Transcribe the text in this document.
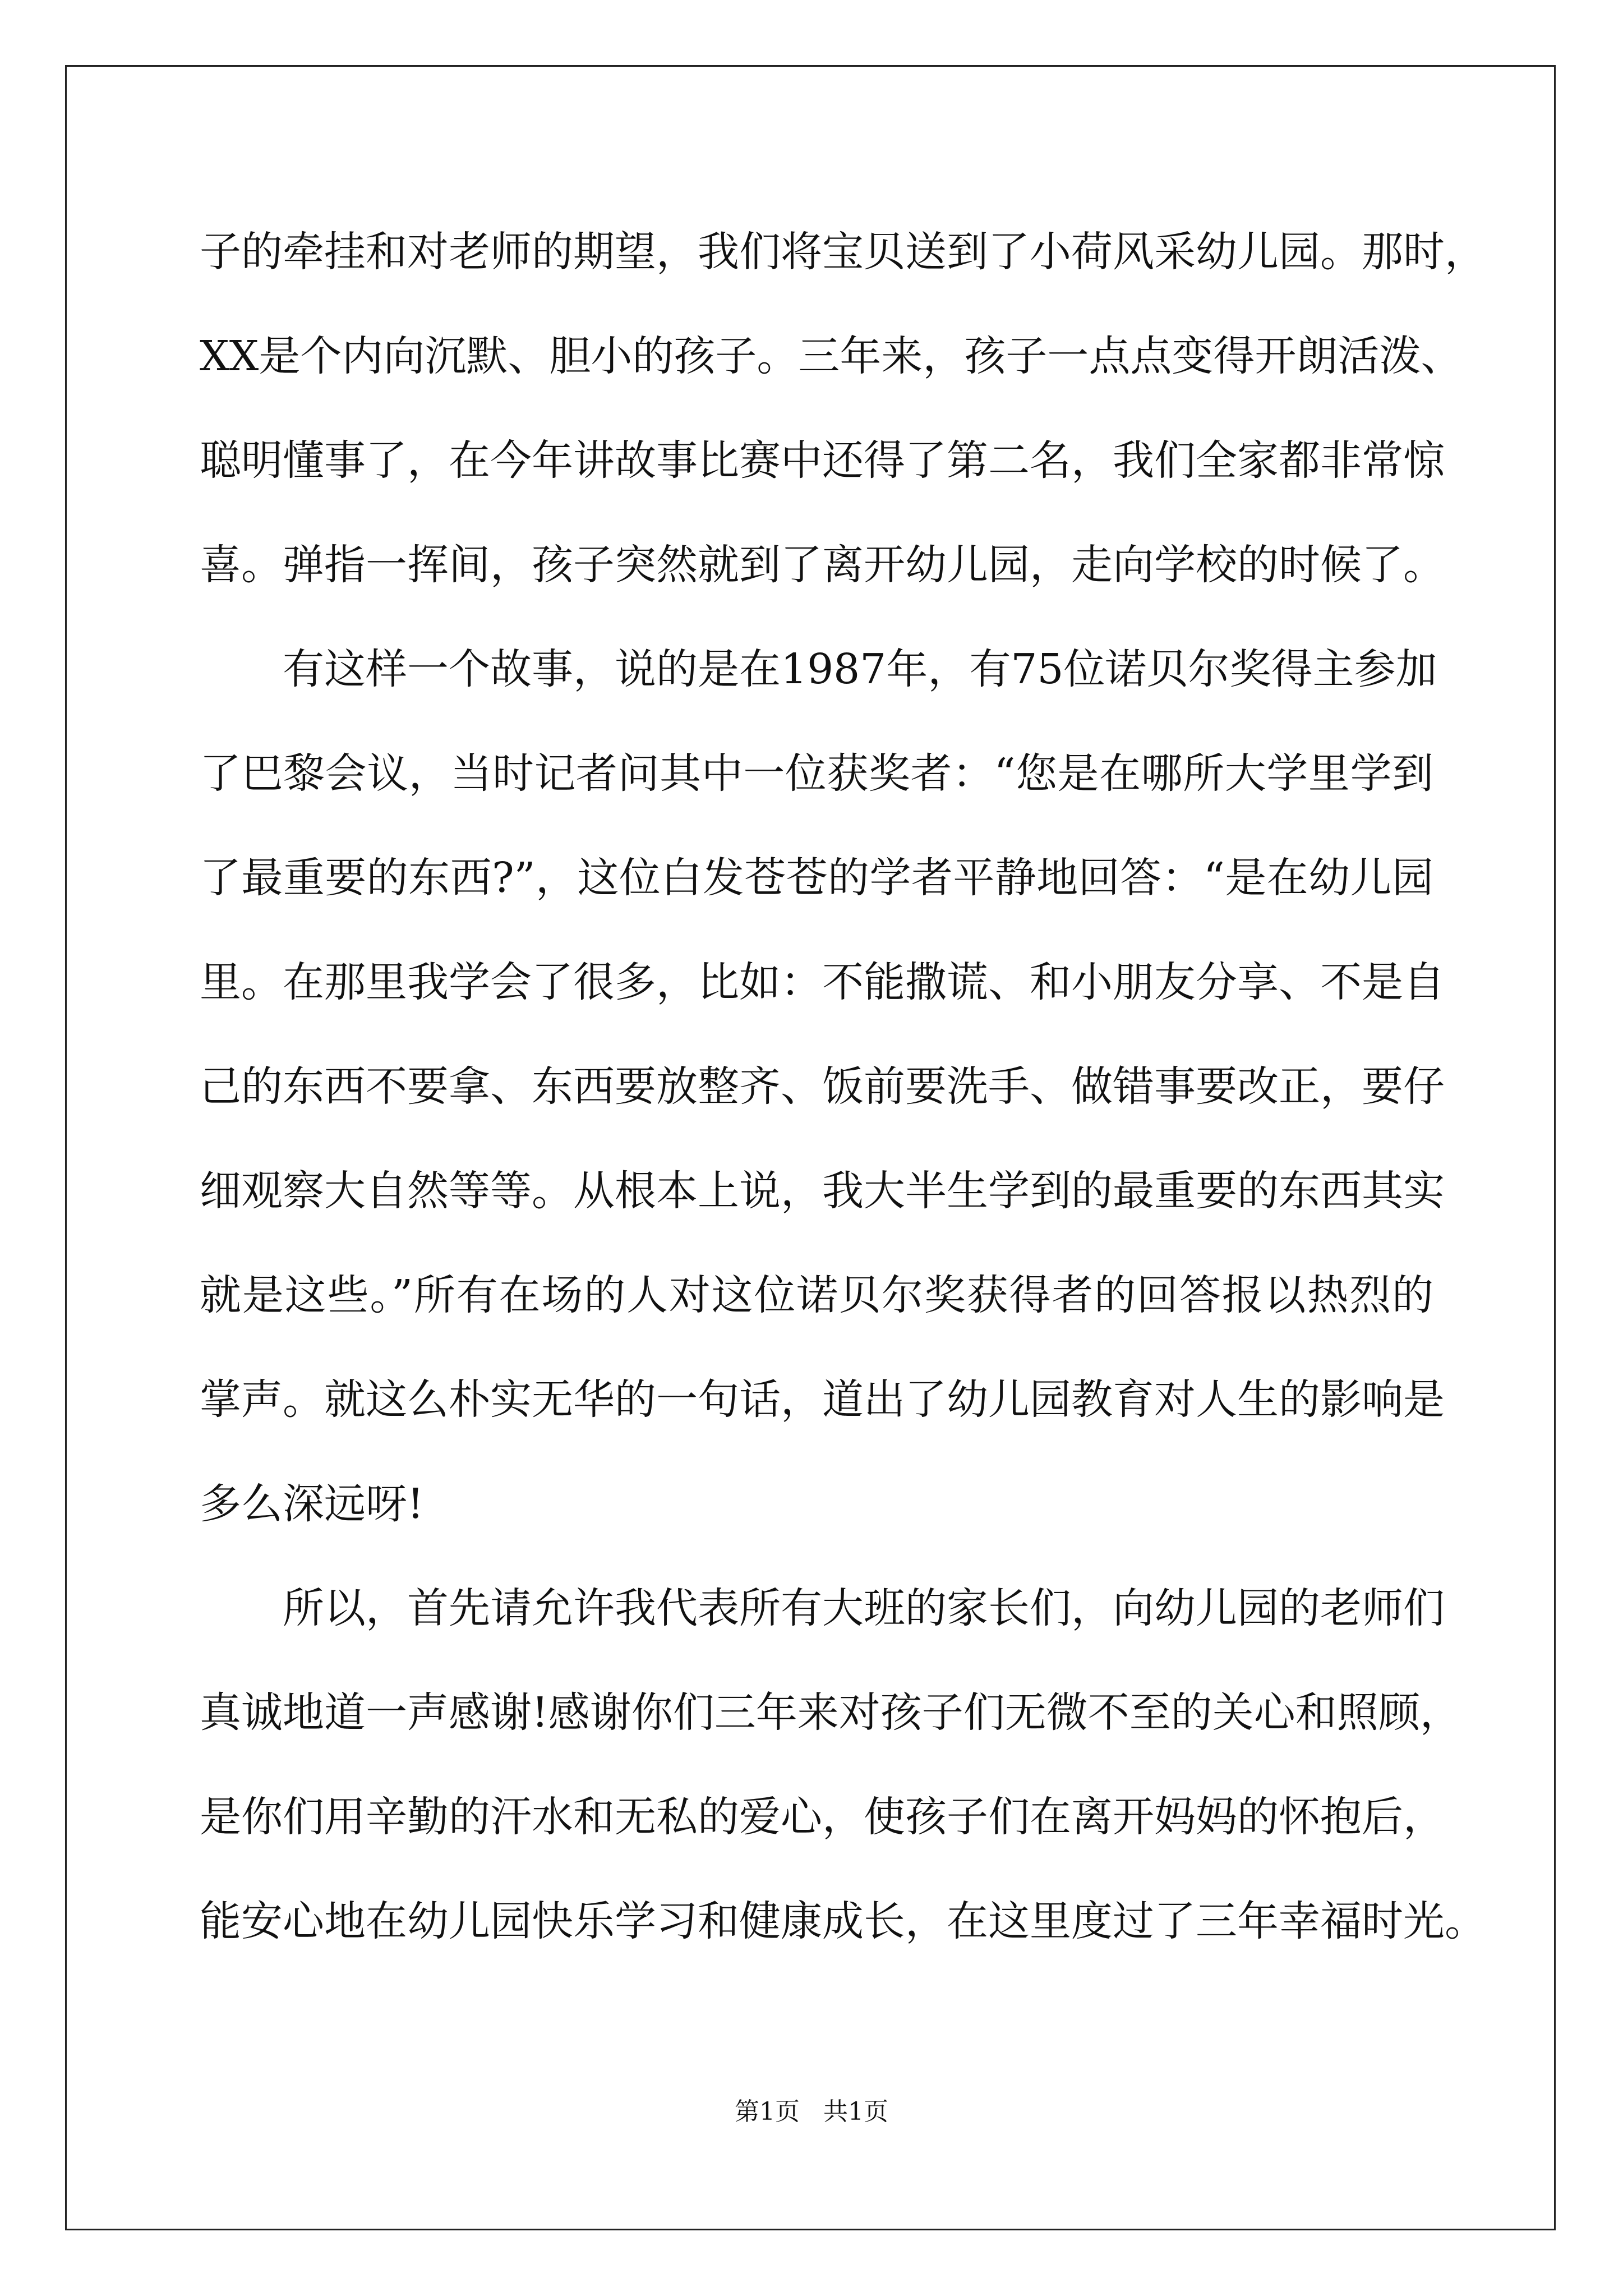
子的牵挂和对老师的期望，我们将宝贝送到了小荷风采幼儿园。那时，
XX是个内向沉默、胆小的孩子。三年来，孩子一点点变得开朗活泼、
聪明懂事了，在今年讲故事比赛中还得了第二名，我们全家都非常惊
喜。弹指一挥间，孩子突然就到了离开幼儿园，走向学校的时候了。
有这样一个故事，说的是在1987年，有75位诺贝尔奖得主参加
了巴黎会议，当时记者问其中一位获奖者：“您是在哪所大学里学到
了最重要的东西?”，这位白发苍苍的学者平静地回答：“是在幼儿园
里。在那里我学会了很多，比如：不能撒谎、和小朋友分享、不是自
己的东西不要拿、东西要放整齐、饭前要洗手、做错事要改正，要仔
细观察大自然等等。从根本上说，我大半生学到的最重要的东西其实
就是这些。”所有在场的人对这位诺贝尔奖获得者的回答报以热烈的
掌声。就这么朴实无华的一句话，道出了幼儿园教育对人生的影响是
多么深远呀!
所以，首先请允许我代表所有大班的家长们，向幼儿园的老师们
真诚地道一声感谢!感谢你们三年来对孩子们无微不至的关心和照顾，
是你们用辛勤的汗水和无私的爱心，使孩子们在离开妈妈的怀抱后，
能安心地在幼儿园快乐学习和健康成长，在这里度过了三年幸福时光。
第1页   共1页
